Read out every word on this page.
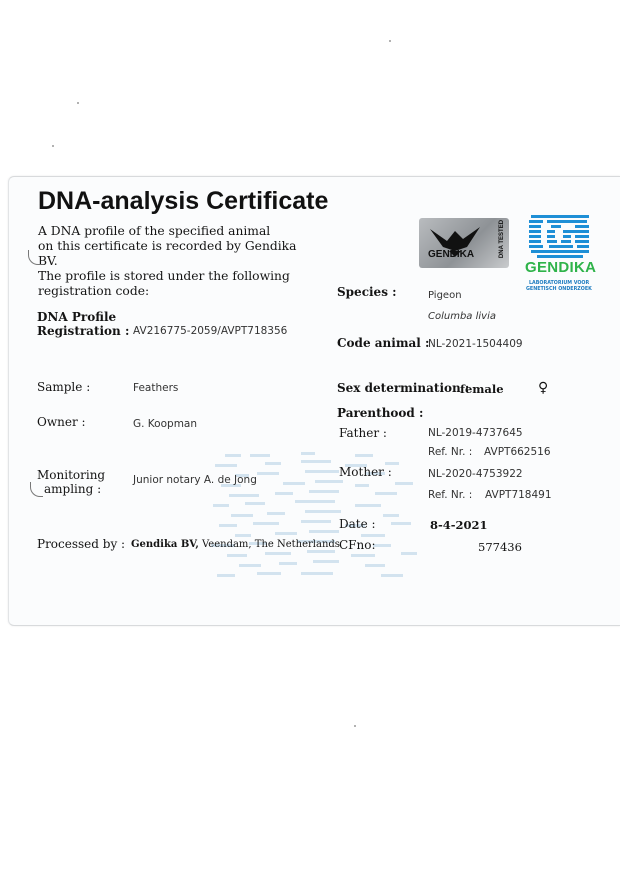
DNA-analysis Certificate
A DNA profile of the specified animal
on this certificate is recorded by Gendika BV.
The profile is stored under the following
registration code:
DNA Profile
Registration : AV216775-2059/AVPT718356
Sample :	Feathers
Owner :	G. Koopman
Monitoring
ampling :
Junior notary A. de Jong
Processed by : Gendika BV, Veendam, The Netherlands
Species :	Pigeon
Columba livia
Code animal :
NL-2021-1504409
Sex determination :
female ♀
Parenthood :
Father :	NL-2019-4737645
Ref. Nr. : AVPT662516
Mother :	NL-2020-4753922
Ref. Nr. : AVPT718491
Date :	8-4-2021
CFno:	577436
GENDIKA	DNA TESTED
GENDIKA
LABORATORIUM VOOR
GENETISCH ONDERZOEK
